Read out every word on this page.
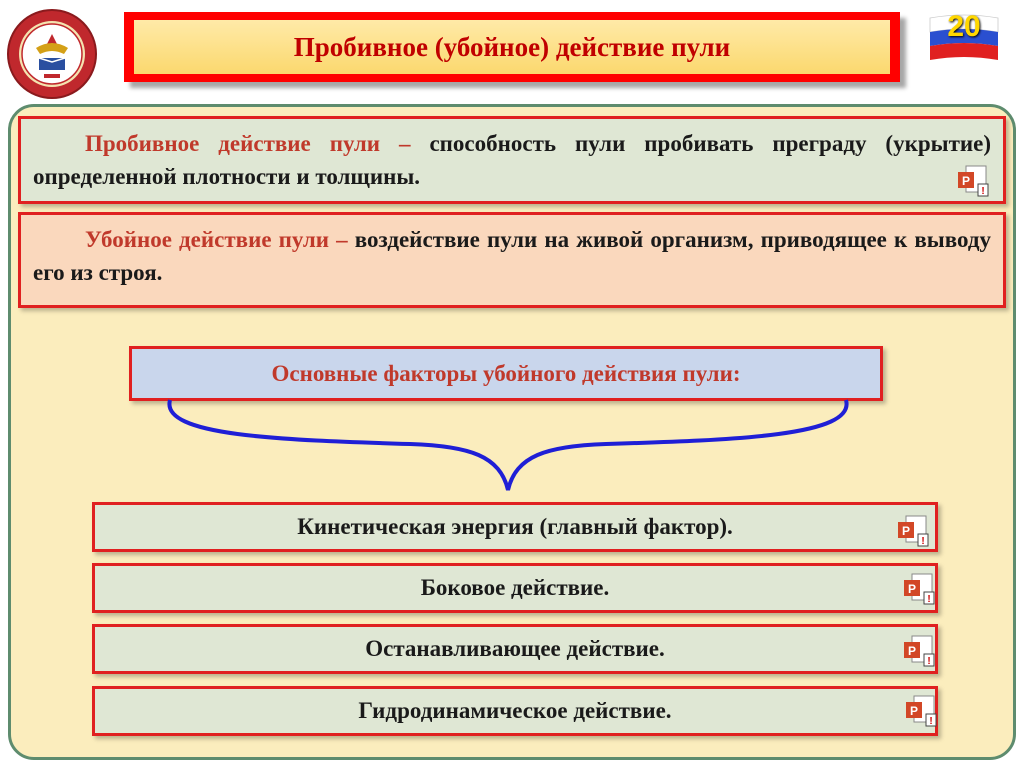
Пробивное (убойное) действие пули
20
Пробивное действие пули – способность пули пробивать преграду (укрытие) определенной плотности и толщины.	P
!
Убойное действие пули – воздействие пули на живой организм, приводящее к выводу его из строя.
Основные факторы убойного действия пули:
Кинетическая энергия (главный фактор).	P
!
Боковое действие.	P
!
Останавливающее действие.	P
!
Гидродинамическое действие.	P
!
